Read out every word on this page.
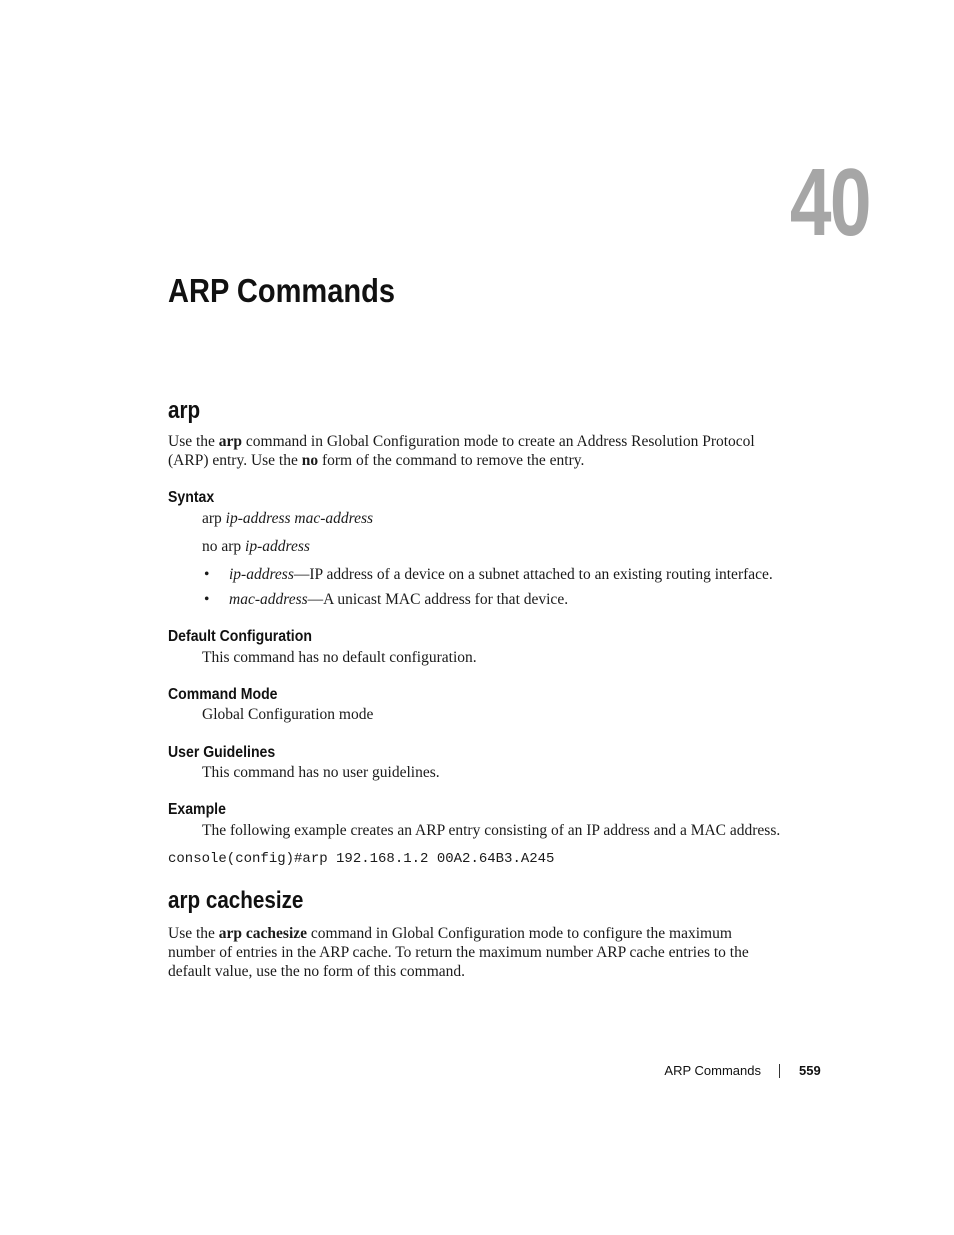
40
ARP Commands
arp
Use the arp command in Global Configuration mode to create an Address Resolution Protocol (ARP) entry. Use the no form of the command to remove the entry.
Syntax
arp ip-address mac-address
no arp ip-address
• ip-address—IP address of a device on a subnet attached to an existing routing interface.
• mac-address—A unicast MAC address for that device.
Default Configuration
This command has no default configuration.
Command Mode
Global Configuration mode
User Guidelines
This command has no user guidelines.
Example
The following example creates an ARP entry consisting of an IP address and a MAC address.
console(config)#arp 192.168.1.2 00A2.64B3.A245
arp cachesize
Use the arp cachesize command in Global Configuration mode to configure the maximum number of entries in the ARP cache. To return the maximum number ARP cache entries to the default value, use the no form of this command.
ARP Commands	559
